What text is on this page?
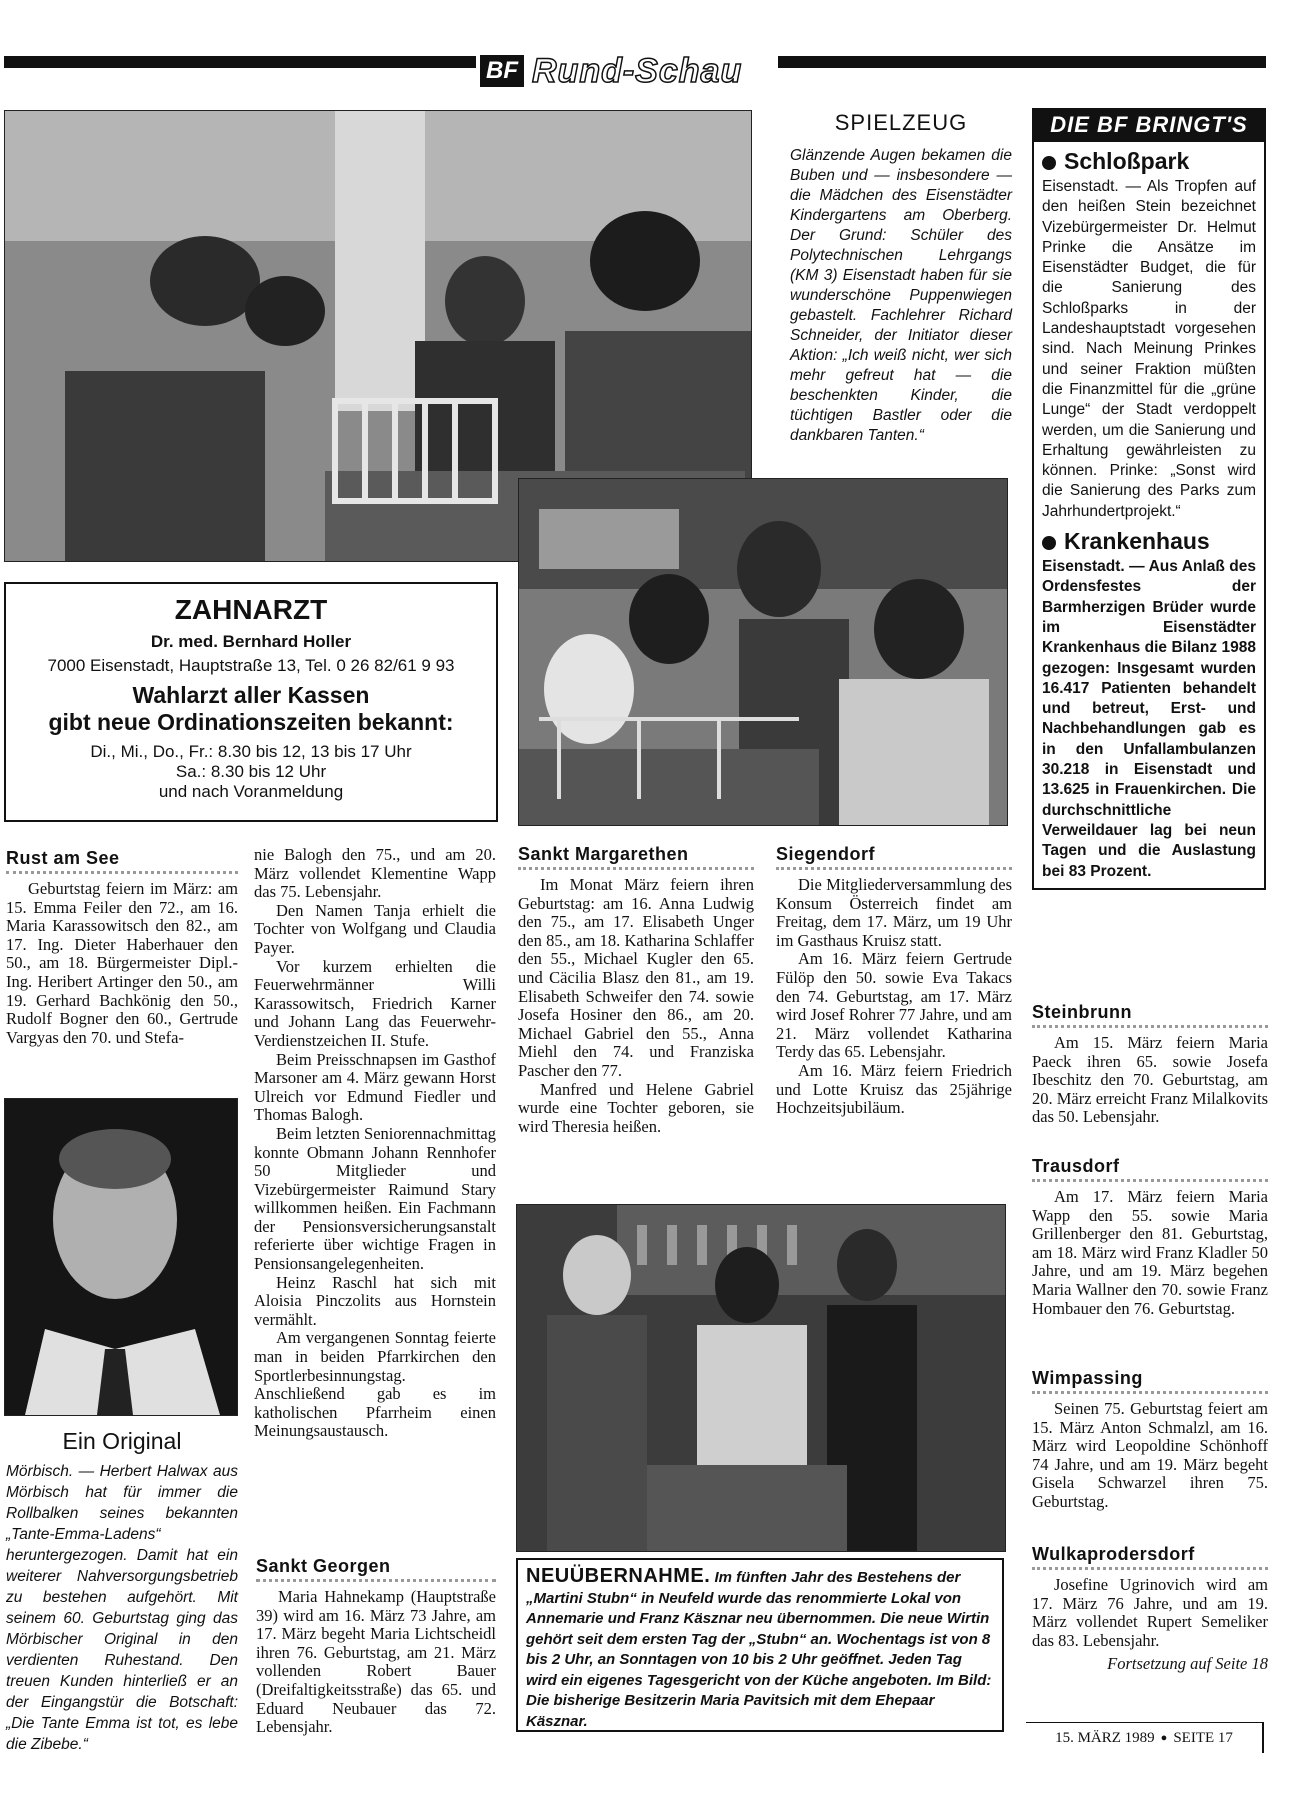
BF Rund-Schau
SPIELZEUG
Glänzende Augen bekamen die Buben und — insbesondere — die Mädchen des Eisenstädter Kindergartens am Oberberg. Der Grund: Schüler des Polytechnischen Lehrgangs (KM 3) Eisenstadt haben für sie wunderschöne Puppenwiegen gebastelt. Fachlehrer Richard Schneider, der Initiator dieser Aktion: „Ich weiß nicht, wer sich mehr gefreut hat — die beschenkten Kinder, die tüchtigen Bastler oder die dankbaren Tanten.“
DIE BF BRINGT'S
Schloßpark
Eisenstadt. — Als Tropfen auf den heißen Stein bezeichnet Vizebürgermeister Dr. Helmut Prinke die Ansätze im Eisenstädter Budget, die für die Sanierung des Schloßparks in der Landeshauptstadt vorgesehen sind. Nach Meinung Prinkes und seiner Fraktion müßten die Finanzmittel für die „grüne Lunge“ der Stadt verdoppelt werden, um die Sanierung und Erhaltung gewährleisten zu können. Prinke: „Sonst wird die Sanierung des Parks zum Jahrhundertprojekt.“
Krankenhaus
Eisenstadt. — Aus Anlaß des Ordensfestes der Barmherzigen Brüder wurde im Eisenstädter Krankenhaus die Bilanz 1988 gezogen: Insgesamt wurden 16.417 Patienten behandelt und betreut, Erst- und Nachbehandlungen gab es in den Unfallambulanzen 30.218 in Eisenstadt und 13.625 in Frauenkirchen. Die durchschnittliche Verweildauer lag bei neun Tagen und die Auslastung bei 83 Prozent.
ZAHNARZT
Dr. med. Bernhard Holler
7000 Eisenstadt, Hauptstraße 13, Tel. 0 26 82/61 9 93
Wahlarzt aller Kassen
gibt neue Ordinationszeiten bekannt:
Di., Mi., Do., Fr.: 8.30 bis 12, 13 bis 17 Uhr
Sa.: 8.30 bis 12 Uhr
und nach Voranmeldung
Rust am See

Geburtstag feiern im März: am 15. Emma Feiler den 72., am 16. Maria Karassowitsch den 82., am 17. Ing. Dieter Haberhauer den 50., am 18. Bürgermeister Dipl.-Ing. Heribert Artinger den 50., am 19. Gerhard Bachkönig den 50., Rudolf Bogner den 60., Gertrude Vargyas den 70. und Stefa-

Ein Original
Mörbisch. — Herbert Halwax aus Mörbisch hat für immer die Rollbalken seines bekannten „Tante-Emma-Ladens“ heruntergezogen. Damit hat ein weiterer Nahversorgungsbetrieb zu bestehen aufgehört. Mit seinem 60. Geburtstag ging das Mörbischer Original in den verdienten Ruhestand. Den treuen Kunden hinterließ er an der Eingangstür die Botschaft: „Die Tante Emma ist tot, es lebe die Zibebe.“

nie Balogh den 75., und am 20. März vollendet Klementine Wapp das 75. Lebensjahr.

Den Namen Tanja erhielt die Tochter von Wolfgang und Claudia Payer.

Vor kurzem erhielten die Feuerwehrmänner Willi Karassowitsch, Friedrich Karner und Johann Lang das Feuerwehr-Verdienstzeichen II. Stufe.

Beim Preisschnapsen im Gasthof Marsoner am 4. März gewann Horst Ulreich vor Edmund Fiedler und Thomas Balogh.

Beim letzten Seniorennachmittag konnte Obmann Johann Rennhofer 50 Mitglieder und Vizebürgermeister Raimund Stary willkommen heißen. Ein Fachmann der Pensionsversicherungsanstalt referierte über wichtige Fragen in Pensionsangelegenheiten.

Heinz Raschl hat sich mit Aloisia Pinczolits aus Hornstein vermählt.

Am vergangenen Sonntag feierte man in beiden Pfarrkirchen den Sportlerbesinnungstag. Anschließend gab es im katholischen Pfarrheim einen Meinungsaustausch.

Sankt Georgen

Maria Hahnekamp (Hauptstraße 39) wird am 16. März 73 Jahre, am 17. März begeht Maria Lichtscheidl ihren 76. Geburtstag, am 21. März vollenden Robert Bauer (Dreifaltigkeitsstraße) das 65. und Eduard Neubauer das 72. Lebensjahr.

Sankt Margarethen

Im Monat März feiern ihren Geburtstag: am 16. Anna Ludwig den 75., am 17. Elisabeth Unger den 85., am 18. Katharina Schlaffer den 55., Michael Kugler den 65. und Cäcilia Blasz den 81., am 19. Elisabeth Schweifer den 74. sowie Josefa Hosiner den 86., am 20. Michael Gabriel den 55., Anna Miehl den 74. und Franziska Pascher den 77.

Manfred und Helene Gabriel wurde eine Tochter geboren, sie wird Theresia heißen.

Siegendorf

Die Mitgliederversammlung des Konsum Österreich findet am Freitag, dem 17. März, um 19 Uhr im Gasthaus Kruisz statt.

Am 16. März feiern Gertrude Fülöp den 50. sowie Eva Takacs den 74. Geburtstag, am 17. März wird Josef Rohrer 77 Jahre, und am 21. März vollendet Katharina Terdy das 65. Lebensjahr.

Am 16. März feiern Friedrich und Lotte Kruisz das 25jährige Hochzeitsjubiläum.

NEUÜBERNAHME. Im fünften Jahr des Bestehens der „Martini Stubn“ in Neufeld wurde das renommierte Lokal von Annemarie und Franz Käsznar neu übernommen. Die neue Wirtin gehört seit dem ersten Tag der „Stubn“ an. Wochentags ist von 8 bis 2 Uhr, an Sonntagen von 10 bis 2 Uhr geöffnet. Jeden Tag wird ein eigenes Tagesgericht von der Küche angeboten. Im Bild: Die bisherige Besitzerin Maria Pavitsich mit dem Ehepaar Käsznar.
Steinbrunn

Am 15. März feiern Maria Paeck ihren 65. sowie Josefa Ibeschitz den 70. Geburtstag, am 20. März erreicht Franz Milalkovits das 50. Lebensjahr.

Trausdorf

Am 17. März feiern Maria Wapp den 55. sowie Maria Grillenberger den 81. Geburtstag, am 18. März wird Franz Kladler 50 Jahre, und am 19. März begehen Maria Wallner den 70. sowie Franz Hombauer den 76. Geburtstag.

Wimpassing

Seinen 75. Geburtstag feiert am 15. März Anton Schmalzl, am 16. März wird Leopoldine Schönhoff 74 Jahre, und am 19. März begeht Gisela Schwarzel ihren 75. Geburtstag.

Wulkaprodersdorf

Josefine Ugrinovich wird am 17. März 76 Jahre, und am 19. März vollendet Rupert Semeliker das 83. Lebensjahr.

Fortsetzung auf Seite 18
15. MÄRZ 1989 ● SEITE 17
